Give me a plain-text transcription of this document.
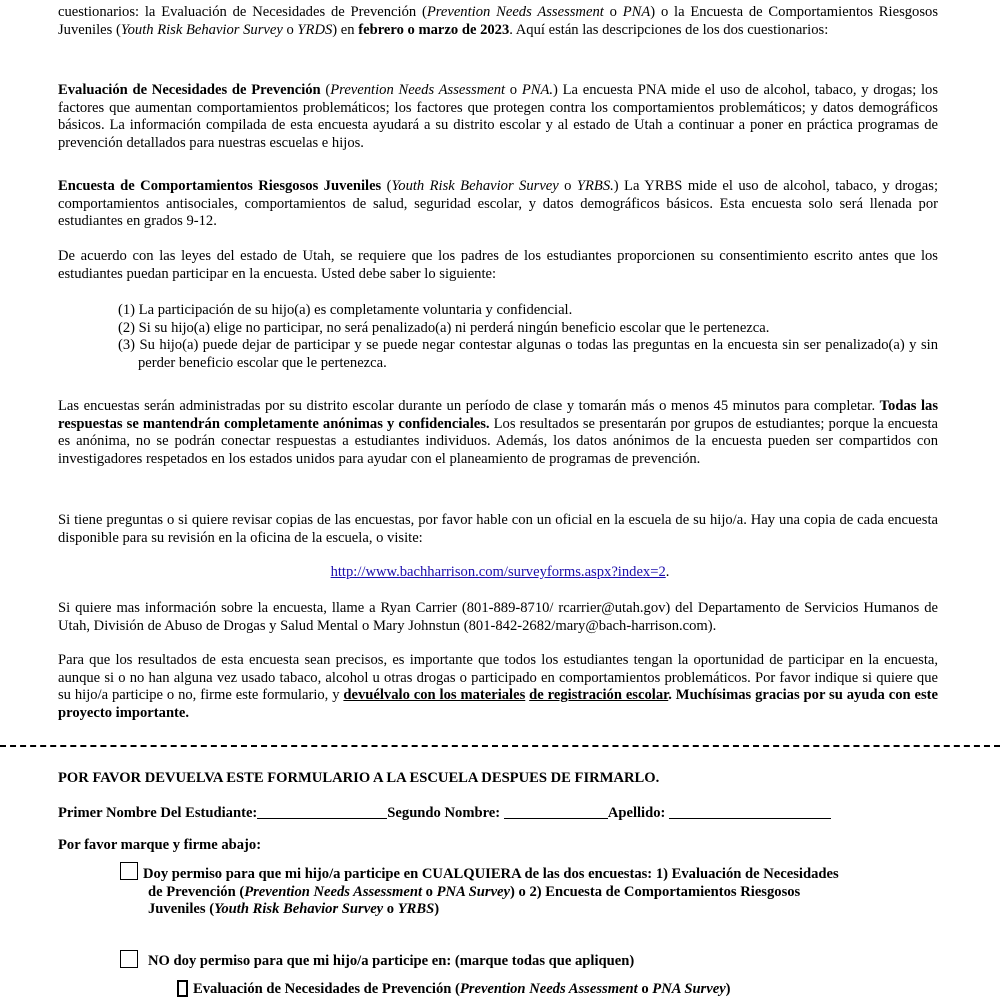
cuestionarios: la Evaluación de Necesidades de Prevención (Prevention Needs Assessment o PNA) o la Encuesta de Comportamientos Riesgosos Juveniles (Youth Risk Behavior Survey o YRDS) en febrero o marzo de 2023. Aquí están las descripciones de los dos cuestionarios:

Evaluación de Necesidades de Prevención (Prevention Needs Assessment o PNA.) La encuesta PNA mide el uso de alcohol, tabaco, y drogas; los factores que aumentan comportamientos problemáticos; los factores que protegen contra los comportamientos problemáticos; y datos demográficos básicos. La información compilada de esta encuesta ayudará a su distrito escolar y al estado de Utah a continuar a poner en práctica programas de prevención detallados para nuestras escuelas e hijos.

Encuesta de Comportamientos Riesgosos Juveniles (Youth Risk Behavior Survey o YRBS.) La YRBS mide el uso de alcohol, tabaco, y drogas; comportamientos antisociales, comportamientos de salud, seguridad escolar, y datos demográficos básicos. Esta encuesta solo será llenada por estudiantes en grados 9-12.

De acuerdo con las leyes del estado de Utah, se requiere que los padres de los estudiantes proporcionen su consentimiento escrito antes que los estudiantes puedan participar en la encuesta. Usted debe saber lo siguiente:

(1) La participación de su hijo(a) es completamente voluntaria y confidencial.
(2) Si su hijo(a) elige no participar, no será penalizado(a) ni perderá ningún beneficio escolar que le pertenezca.
(3) Su hijo(a) puede dejar de participar y se puede negar contestar algunas o todas las preguntas en la encuesta sin ser penalizado(a) y sin perder beneficio escolar que le pertenezca.

Las encuestas serán administradas por su distrito escolar durante un período de clase y tomarán más o menos 45 minutos para completar. Todas las respuestas se mantendrán completamente anónimas y confidenciales. Los resultados se presentarán por grupos de estudiantes; porque la encuesta es anónima, no se podrán conectar respuestas a estudiantes individuos. Además, los datos anónimos de la encuesta pueden ser compartidos con investigadores respetados en los estados unidos para ayudar con el planeamiento de programas de prevención.

Si tiene preguntas o si quiere revisar copias de las encuestas, por favor hable con un oficial en la escuela de su hijo/a. Hay una copia de cada encuesta disponible para su revisión en la oficina de la escuela, o visite:

http://www.bachharrison.com/surveyforms.aspx?index=2.

Si quiere mas información sobre la encuesta, llame a Ryan Carrier (801-889-8710/ rcarrier@utah.gov) del Departamento de Servicios Humanos de Utah, División de Abuso de Drogas y Salud Mental o Mary Johnstun (801-842-2682/mary@bach-harrison.com).

Para que los resultados de esta encuesta sean precisos, es importante que todos los estudiantes tengan la oportunidad de participar en la encuesta, aunque si o no han alguna vez usado tabaco, alcohol u otras drogas o participado en comportamientos problemáticos. Por favor indique si quiere que su hijo/a participe o no, firme este formulario, y devuélvalo con los materiales de registración escolar. Muchísimas gracias por su ayuda con este proyecto importante.

POR FAVOR DEVUELVA ESTE FORMULARIO A LA ESCUELA DESPUES DE FIRMARLO.
Primer Nombre Del Estudiante:	Segundo Nombre:	Apellido:
Por favor marque y firme abajo:
Doy permiso para que mi hijo/a participe en CUALQUIERA de las dos encuestas: 1) Evaluación de Necesidades de Prevención (Prevention Needs Assessment o PNA Survey) o 2) Encuesta de Comportamientos Riesgosos Juveniles (Youth Risk Behavior Survey o YRBS)
NO doy permiso para que mi hijo/a participe en: (marque todas que apliquen)
Evaluación de Necesidades de Prevención (Prevention Needs Assessment o PNA Survey)
